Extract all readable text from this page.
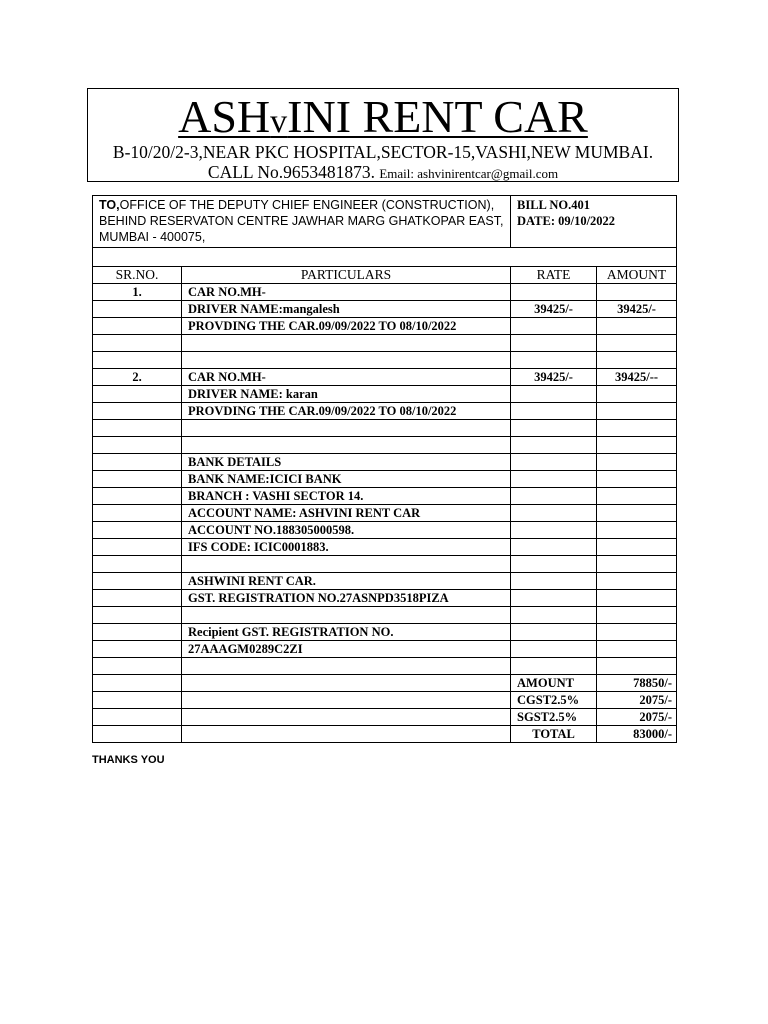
ASHvINI RENT CAR
B-10/20/2-3,NEAR PKC HOSPITAL,SECTOR-15,VASHI,NEW MUMBAI.
CALL No.9653481873. Email: ashvinirentcar@gmail.com
TO,OFFICE OF THE DEPUTY CHIEF ENGINEER (CONSTRUCTION), BEHIND RESERVATON CENTRE JAWHAR MARG GHATKOPAR EAST, MUMBAI - 400075,		BILL NO.401
DATE: 09/10/2022	

SR.NO.	PARTICULARS	RATE	AMOUNT
1.	CAR NO.MH-		
	DRIVER NAME:mangalesh	39425/-	39425/-
	PROVDING THE CAR.09/09/2022 TO 08/10/2022		

2.	CAR NO.MH-	39425/-	39425/--
	DRIVER NAME: karan		
	PROVDING THE CAR.09/09/2022 TO 08/10/2022		

	BANK DETAILS		
	BANK NAME:ICICI BANK		
	BRANCH : VASHI SECTOR 14.		
	ACCOUNT NAME: ASHVINI RENT CAR		
	ACCOUNT NO.188305000598.		
	IFS CODE: ICIC0001883.		

	ASHWINI RENT CAR.		
	GST. REGISTRATION NO.27ASNPD3518PIZA		

	Recipient GST. REGISTRATION NO.		
	27AAAGM0289C2ZI		

		AMOUNT	78850/-
		CGST2.5%	2075/-
		SGST2.5%	2075/-
		TOTAL	83000/-
THANKS YOU
